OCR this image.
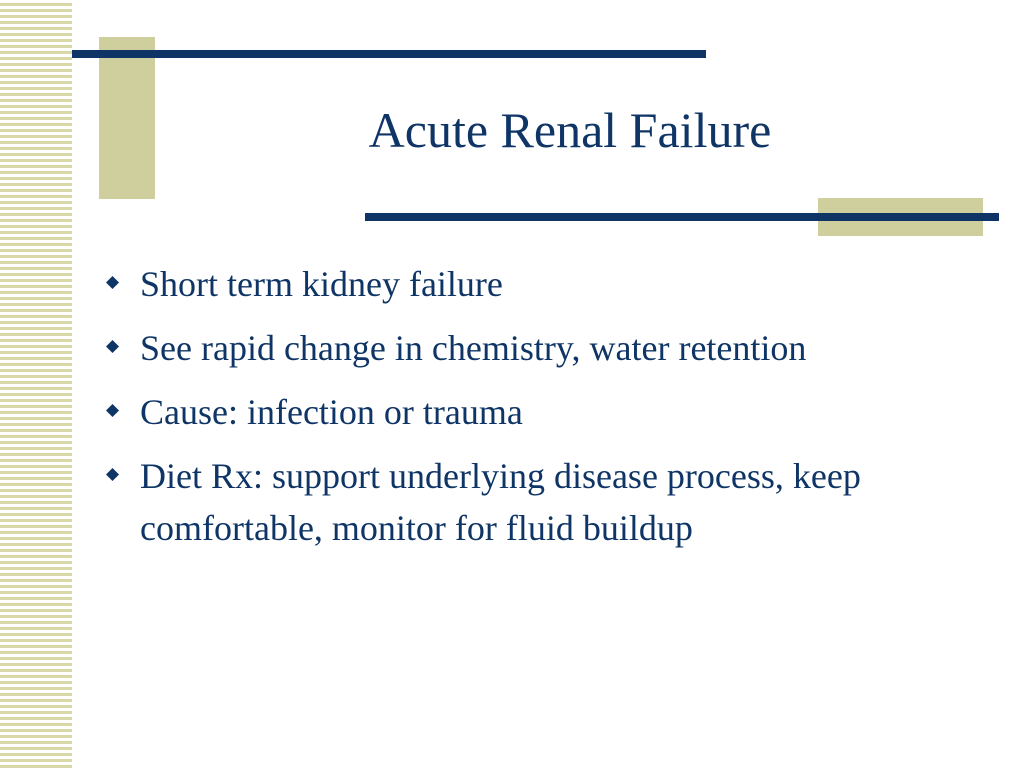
Acute Renal Failure
Short term kidney failure
See rapid change in chemistry, water retention
Cause: infection or trauma
Diet Rx: support underlying disease process, keep comfortable, monitor for fluid buildup
